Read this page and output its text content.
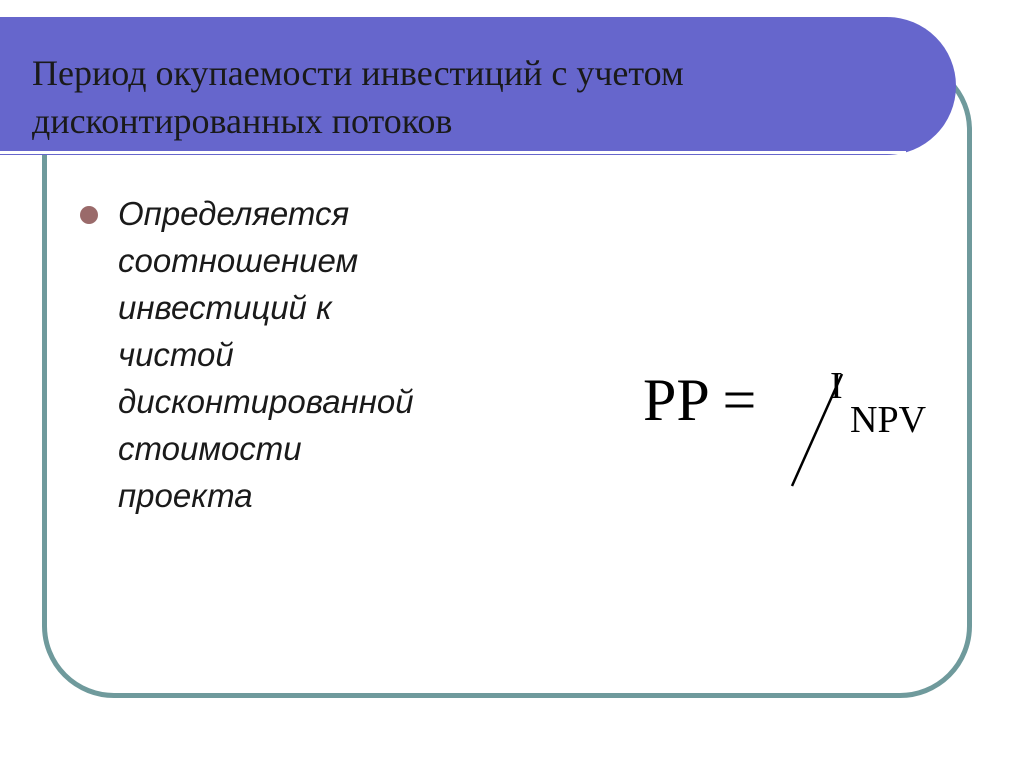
Период окупаемости инвестиций с учетом дисконтированных потоков

Определяется
соотношением
инвестиций к
чистой
дисконтированной
стоимости
проекта

PP = I
NPV
